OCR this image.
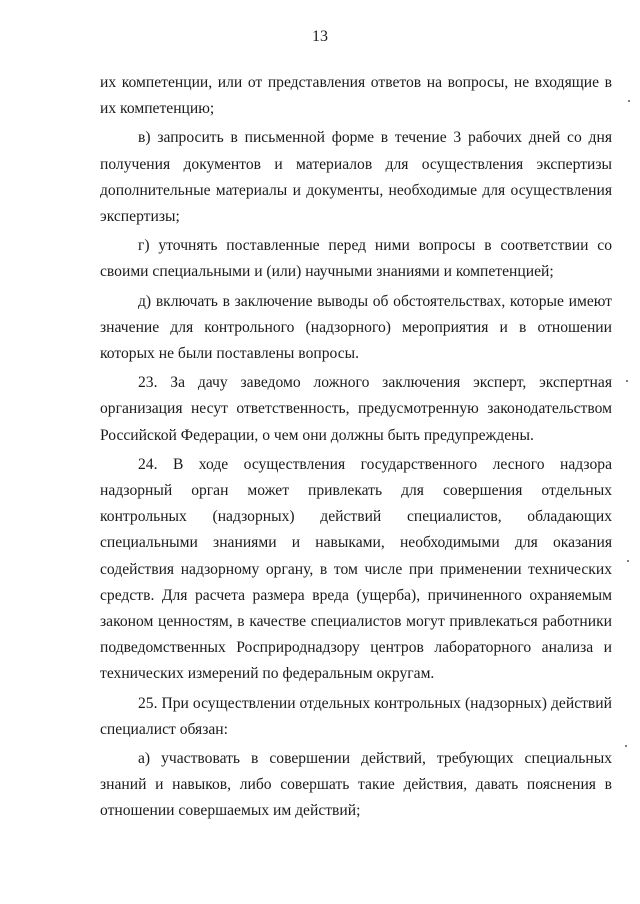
13

их компетенции, или от представления ответов на вопросы, не входящие в их компетенцию;

в) запросить в письменной форме в течение 3 рабочих дней со дня получения документов и материалов для осуществления экспертизы дополнительные материалы и документы, необходимые для осуществления экспертизы;

г) уточнять поставленные перед ними вопросы в соответствии со своими специальными и (или) научными знаниями и компетенцией;

д) включать в заключение выводы об обстоятельствах, которые имеют значение для контрольного (надзорного) мероприятия и в отношении которых не были поставлены вопросы.

23. За дачу заведомо ложного заключения эксперт, экспертная организация несут ответственность, предусмотренную законодательством Российской Федерации, о чем они должны быть предупреждены.

24. В ходе осуществления государственного лесного надзора надзорный орган может привлекать для совершения отдельных контрольных (надзорных) действий специалистов, обладающих специальными знаниями и навыками, необходимыми для оказания содействия надзорному органу, в том числе при применении технических средств. Для расчета размера вреда (ущерба), причиненного охраняемым законом ценностям, в качестве специалистов могут привлекаться работники подведомственных Росприроднадзору центров лабораторного анализа и технических измерений по федеральным округам.

25. При осуществлении отдельных контрольных (надзорных) действий специалист обязан:

а) участвовать в совершении действий, требующих специальных знаний и навыков, либо совершать такие действия, давать пояснения в отношении совершаемых им действий;
